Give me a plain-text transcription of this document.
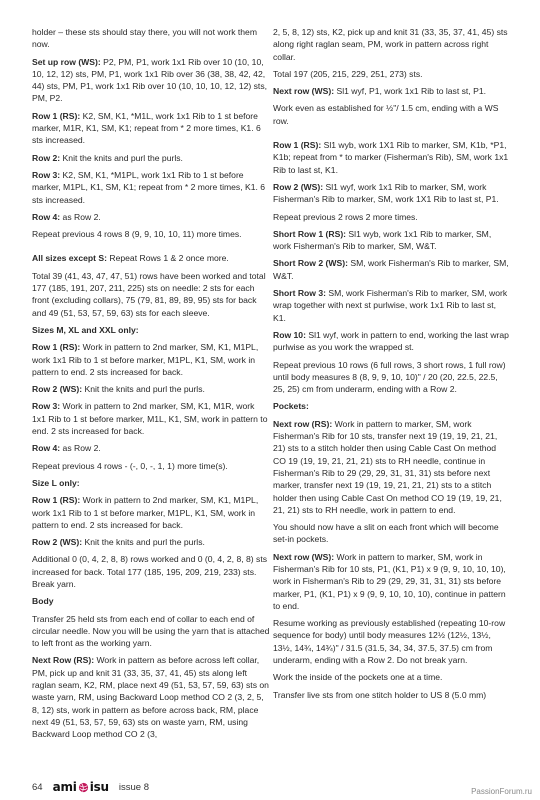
holder – these sts should stay there, you will not work them now.

Set up row (WS): P2, PM, P1, work 1x1 Rib over 10 (10, 10, 10, 12, 12) sts, PM, P1, work 1x1 Rib over 36 (38, 38, 42, 42, 44) sts, PM, P1, work 1x1 Rib over 10 (10, 10, 10, 12, 12) sts, PM, P2.

Row 1 (RS): K2, SM, K1, *M1L, work 1x1 Rib to 1 st before marker, M1R, K1, SM, K1; repeat from * 2 more times, K1. 6 sts increased.

Row 2: Knit the knits and purl the purls.

Row 3: K2, SM, K1, *M1PL, work 1x1 Rib to 1 st before marker, M1PL, K1, SM, K1; repeat from * 2 more times, K1. 6 sts increased.

Row 4: as Row 2.

Repeat previous 4 rows 8 (9, 9, 10, 10, 11) more times.

All sizes except S: Repeat Rows 1 & 2 once more.

Total 39 (41, 43, 47, 47, 51) rows have been worked and total 177 (185, 191, 207, 211, 225) sts on needle: 2 sts for each front (excluding collars), 75 (79, 81, 89, 89, 95) sts for back and 49 (51, 53, 57, 59, 63) sts for each sleeve.

Sizes M, XL and XXL only:

Row 1 (RS): Work in pattern to 2nd marker, SM, K1, M1PL, work 1x1 Rib to 1 st before marker, M1PL, K1, SM, work in pattern to end. 2 sts increased for back.

Row 2 (WS): Knit the knits and purl the purls.

Row 3: Work in pattern to 2nd marker, SM, K1, M1R, work 1x1 Rib to 1 st before marker, M1L, K1, SM, work in pattern to end. 2 sts increased for back.

Row 4: as Row 2.

Repeat previous 4 rows - (-, 0, -, 1, 1) more time(s).

Size L only:

Row 1 (RS): Work in pattern to 2nd marker, SM, K1, M1PL, work 1x1 Rib to 1 st before marker, M1PL, K1, SM, work in pattern to end. 2 sts increased for back.

Row 2 (WS): Knit the knits and purl the purls.

Additional 0 (0, 4, 2, 8, 8) rows worked and 0 (0, 4, 2, 8, 8) sts increased for back. Total 177 (185, 195, 209, 219, 233) sts. Break yarn.

Body

Transfer 25 held sts from each end of collar to each end of circular needle. Now you will be using the yarn that is attached to left front as the working yarn.

Next Row (RS): Work in pattern as before across left collar, PM, pick up and knit 31 (33, 35, 37, 41, 45) sts along left raglan seam, K2, RM, place next 49 (51, 53, 57, 59, 63) sts on waste yarn, RM, using Backward Loop method CO 2 (3, 2, 5, 8, 12) sts, work in pattern as before across back, RM, place next 49 (51, 53, 57, 59, 63) sts on waste yarn, RM, using Backward Loop method CO 2 (3,

2, 5, 8, 12) sts, K2, pick up and knit 31 (33, 35, 37, 41, 45) sts along right raglan seam, PM, work in pattern across right collar.

Total 197 (205, 215, 229, 251, 273) sts.

Next row (WS): Sl1 wyf, P1, work 1x1 Rib to last st, P1.

Work even as established for ½"/ 1.5 cm, ending with a WS row.

Row 1 (RS): Sl1 wyb, work 1X1 Rib to marker, SM, K1b, *P1, K1b; repeat from * to marker (Fisherman's Rib), SM, work 1x1 Rib to last st, K1.

Row 2 (WS): Sl1 wyf, work 1x1 Rib to marker, SM, work Fisherman's Rib to marker, SM, work 1X1 Rib to last st, P1.

Repeat previous 2 rows 2 more times.

Short Row 1 (RS): Sl1 wyb, work 1x1 Rib to marker, SM, work Fisherman's Rib to marker, SM, W&T.

Short Row 2 (WS): SM, work Fisherman's Rib to marker, SM, W&T.

Short Row 3: SM, work Fisherman's Rib to marker, SM, work wrap together with next st purlwise, work 1x1 Rib to last st, K1.

Row 10: Sl1 wyf, work in pattern to end, working the last wrap purlwise as you work the wrapped st.

Repeat previous 10 rows (6 full rows, 3 short rows, 1 full row) until body measures 8 (8, 9, 9, 10, 10)" / 20 (20, 22.5, 22.5, 25, 25) cm from underarm, ending with a Row 2.

Pockets:

Next row (RS): Work in pattern to marker, SM, work Fisherman's Rib for 10 sts, transfer next 19 (19, 19, 21, 21, 21) sts to a stitch holder then using Cable Cast On method CO 19 (19, 19, 21, 21, 21) sts to RH needle, continue in Fisherman's Rib to 29 (29, 29, 31, 31, 31) sts before next marker, transfer next 19 (19, 19, 21, 21, 21) sts to a stitch holder then using Cable Cast On method CO 19 (19, 19, 21, 21, 21) sts to RH needle, work in pattern to end.

You should now have a slit on each front which will become set-in pockets.

Next row (WS): Work in pattern to marker, SM, work in Fisherman's Rib for 10 sts, P1, (K1, P1) x 9 (9, 9, 10, 10, 10), work in Fisherman's Rib to 29 (29, 29, 31, 31, 31) sts before marker, P1, (K1, P1) x 9 (9, 9, 10, 10, 10), continue in pattern to end.

Resume working as previously established (repeating 10-row sequence for body) until body measures 12½ (12½, 13½, 13½, 14¾, 14¾)" / 31.5 (31.5, 34, 34, 37.5, 37.5) cm from underarm, ending with a Row 2. Do not break yarn.

Work the inside of the pockets one at a time.

Transfer live sts from one stitch holder to US 8 (5.0 mm)

64 ami isu issue 8	PassionForum.ru
